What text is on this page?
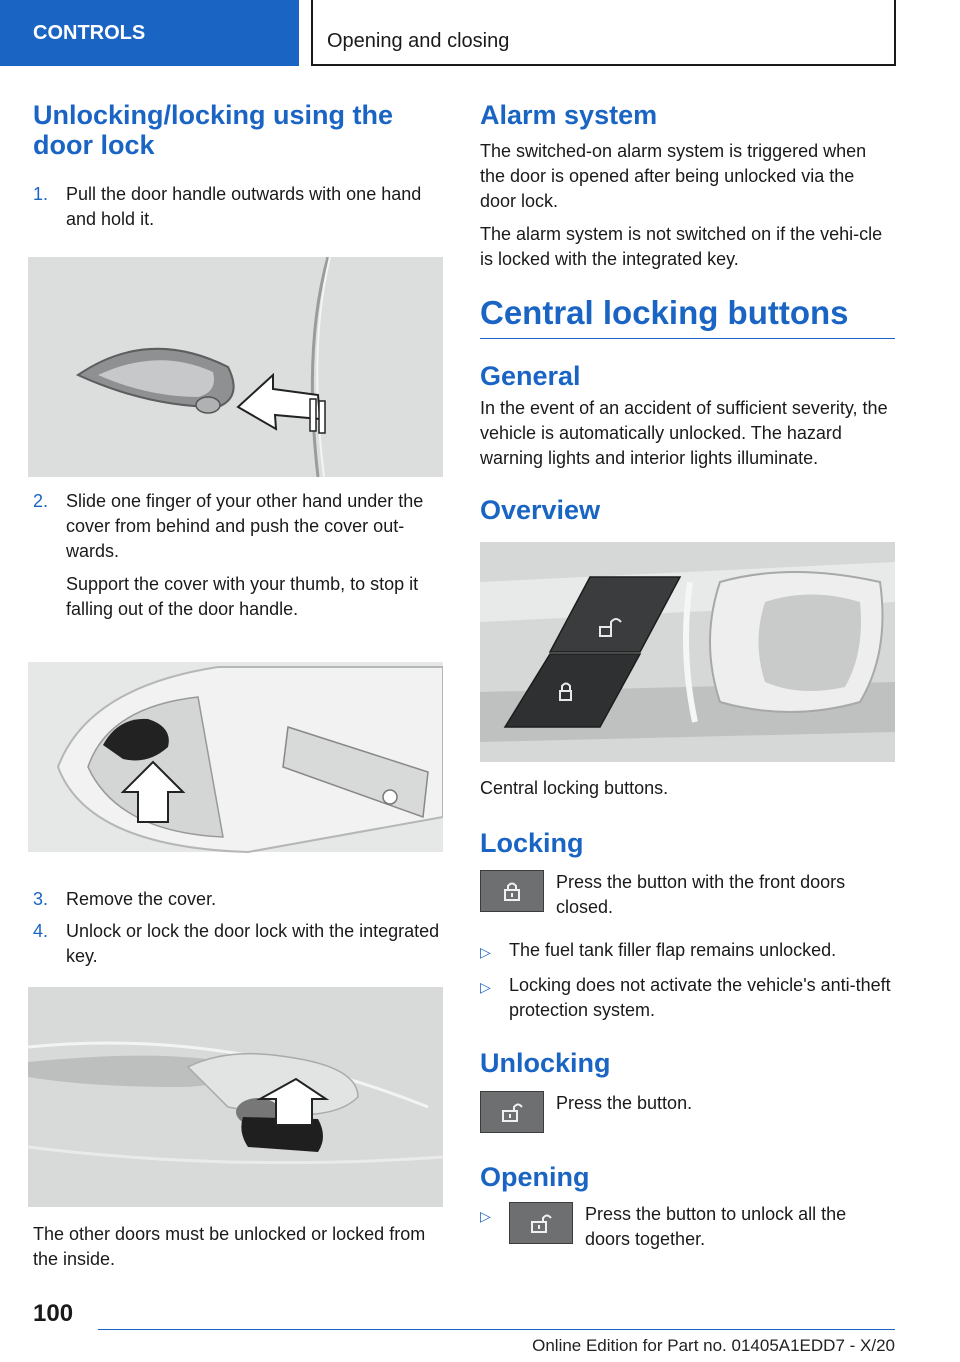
CONTROLS	Opening and closing
Unlocking/locking using the door lock
1. Pull the door handle outwards with one hand and hold it.
2. Slide one finger of your other hand under the cover from behind and push the cover out‐wards.
Support the cover with your thumb, to stop it falling out of the door handle.
3. Remove the cover.
4. Unlock or lock the door lock with the integrated key.

The other doors must be unlocked or locked from the inside.

Alarm system

The switched-on alarm system is triggered when the door is opened after being unlocked via the door lock.

The alarm system is not switched on if the vehi‐cle is locked with the integrated key.

Central locking buttons
General

In the event of an accident of sufficient severity, the vehicle is automatically unlocked. The hazard warning lights and interior lights illuminate.

Overview

Central locking buttons.

Locking
Press the button with the front doors closed.
▷	The fuel tank filler flap remains unlocked.
▷	Locking does not activate the vehicle's anti‐theft protection system.
Unlocking
Press the button.
Opening
▷	Press the button to unlock all the doors together.
100
Online Edition for Part no. 01405A1EDD7 - X/20
